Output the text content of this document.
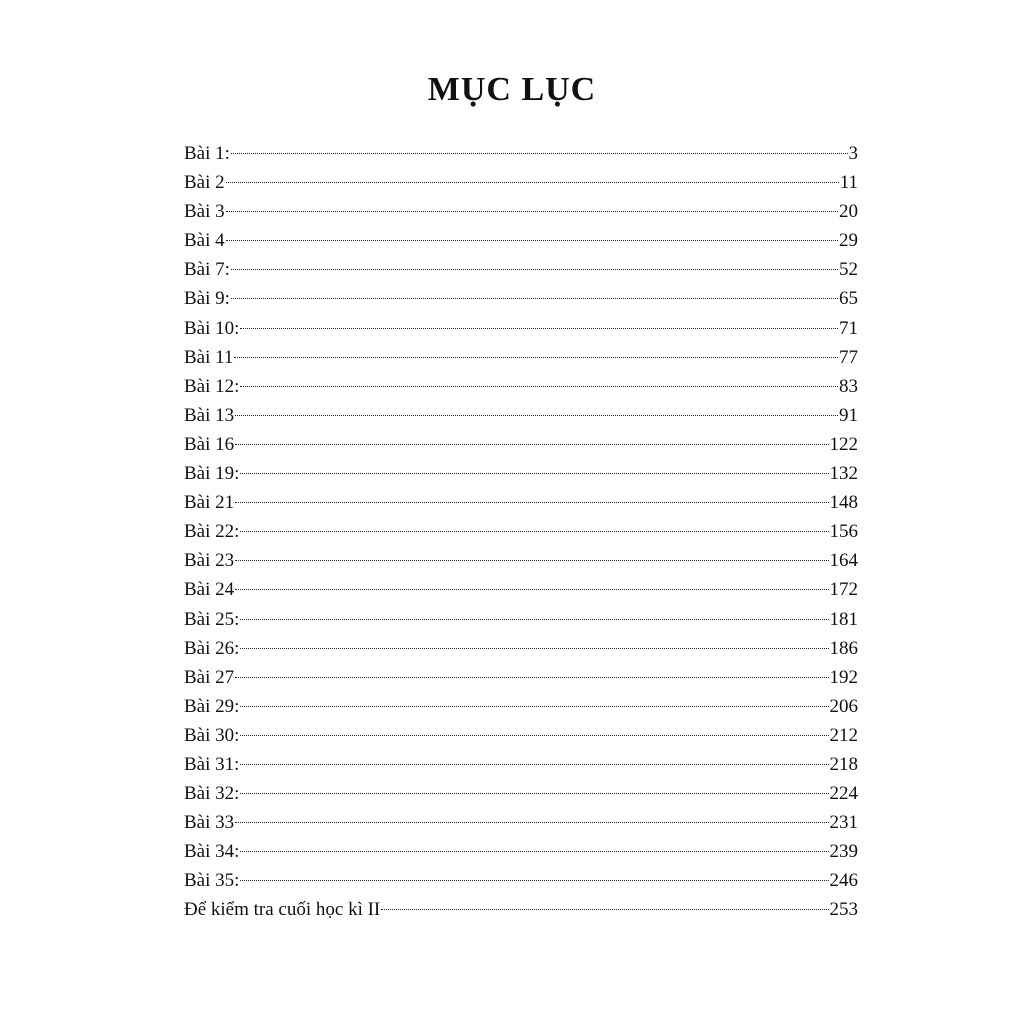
MỤC LỤC
Bài 1:	3
Bài 2	11
Bài 3	20
Bài 4	29
Bài 7:	52
Bài 9:	65
Bài 10:	71
Bài 11	77
Bài 12:	83
Bài 13	91
Bài 16	122
Bài 19:	132
Bài 21	148
Bài 22:	156
Bài 23	164
Bài 24	172
Bài 25:	181
Bài 26:	186
Bài 27	192
Bài 29:	206
Bài 30:	212
Bài 31:	218
Bài 32:	224
Bài 33	231
Bài 34:	239
Bài 35:	246
Để kiểm tra cuối học kì II	253
